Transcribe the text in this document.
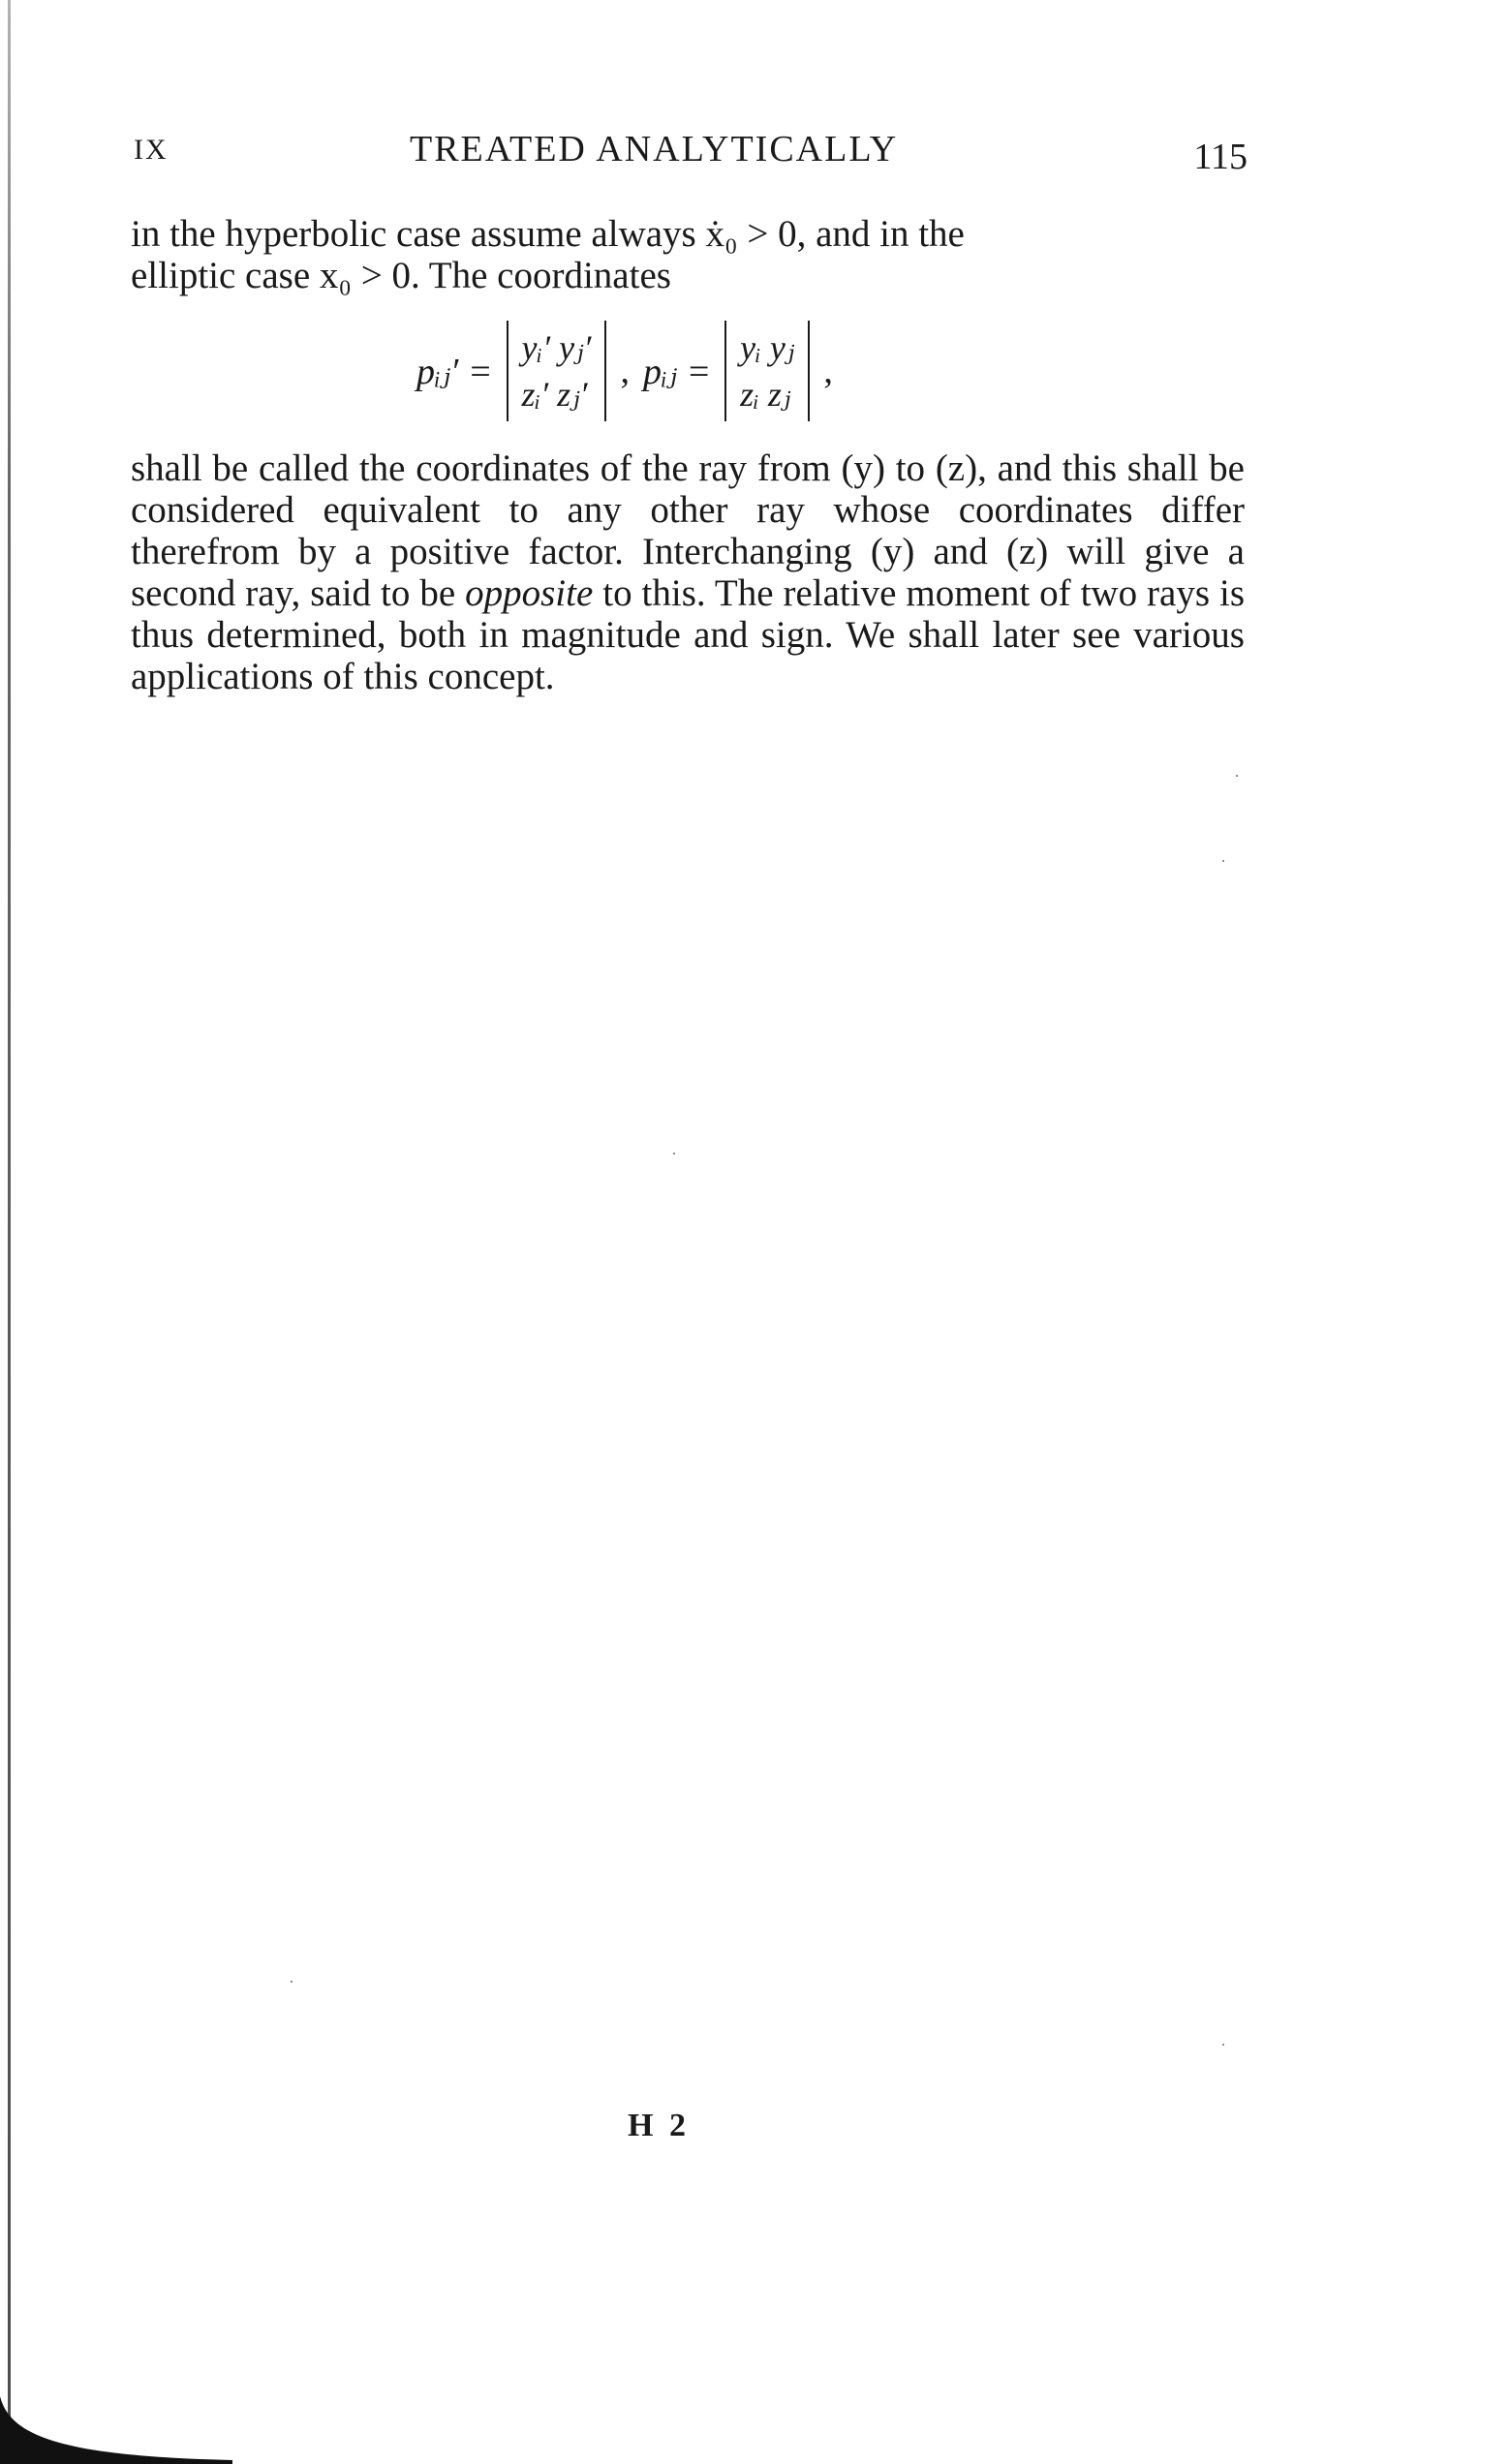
IX	TREATED ANALYTICALLY	115
in the hyperbolic case assume always ẋ₀ > 0, and in the
elliptic case x₀ > 0. The coordinates
pᵢⱼ′ =
yᵢ′ yⱼ′
zᵢ′ zⱼ′
, pᵢⱼ =
yᵢ yⱼ
zᵢ zⱼ
,
shall be called the coordinates of the ray from (y) to (z), and this shall be considered equivalent to any other ray whose coordinates differ therefrom by a positive factor. Interchanging (y) and (z) will give a second ray, said to be opposite to this. The relative moment of two rays is thus determined, both in magnitude and sign. We shall later see various applications of this concept.
H 2
